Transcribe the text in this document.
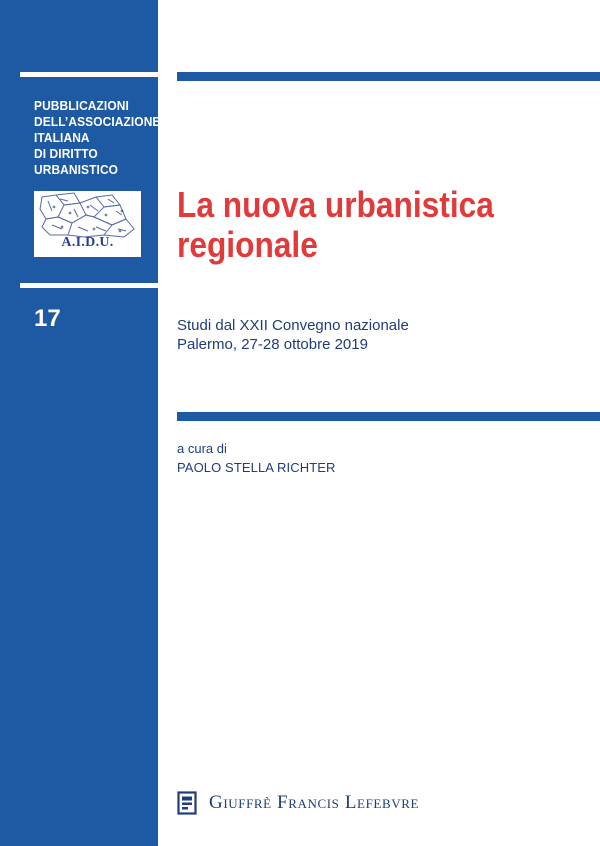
PUBBLICAZIONI
DELL’ASSOCIAZIONE
ITALIANA
DI DIRITTO
URBANISTICO
A.I.D.U.
17
La nuova urbanistica
regionale
Studi dal XXII Convegno nazionale
Palermo, 27-28 ottobre 2019
a cura di
PAOLO STELLA RICHTER
Giuffrè Francis Lefebvre
